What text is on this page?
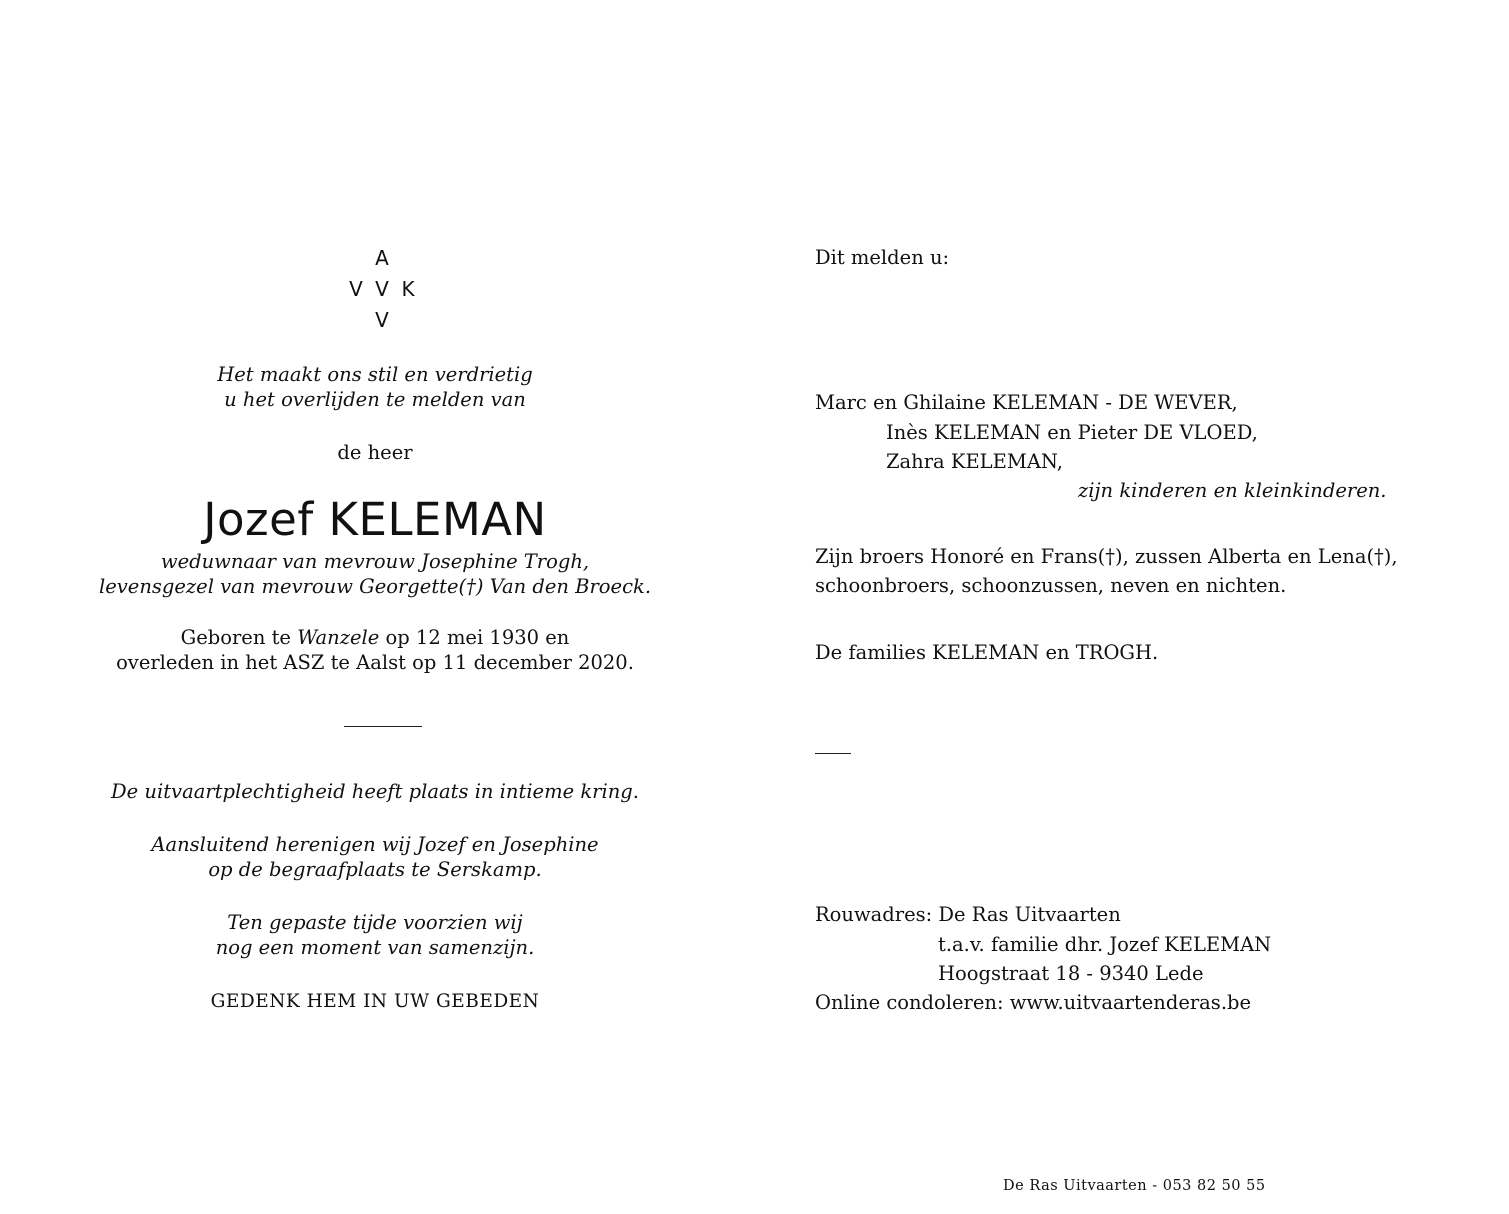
A
V V K
V
Het maakt ons stil en verdrietig
u het overlijden te melden van
de heer
Jozef KELEMAN
weduwnaar van mevrouw Josephine Trogh,
levensgezel van mevrouw Georgette(†) Van den Broeck.
Geboren te Wanzele op 12 mei 1930 en
overleden in het ASZ te Aalst op 11 december 2020.
De uitvaartplechtigheid heeft plaats in intieme kring.
Aansluitend herenigen wij Jozef en Josephine
op de begraafplaats te Serskamp.
Ten gepaste tijde voorzien wij
nog een moment van samenzijn.
GEDENK HEM IN UW GEBEDEN
Dit melden u:
Marc en Ghilaine KELEMAN - DE WEVER,
Inès KELEMAN en Pieter DE VLOED,
Zahra KELEMAN,
zijn kinderen en kleinkinderen.
Zijn broers Honoré en Frans(†), zussen Alberta en Lena(†),
schoonbroers, schoonzussen, neven en nichten.
De families KELEMAN en TROGH.
Rouwadres: De Ras Uitvaarten
t.a.v. familie dhr. Jozef KELEMAN
Hoogstraat 18 - 9340 Lede
Online condoleren: www.uitvaartenderas.be
De Ras Uitvaarten - 053 82 50 55
